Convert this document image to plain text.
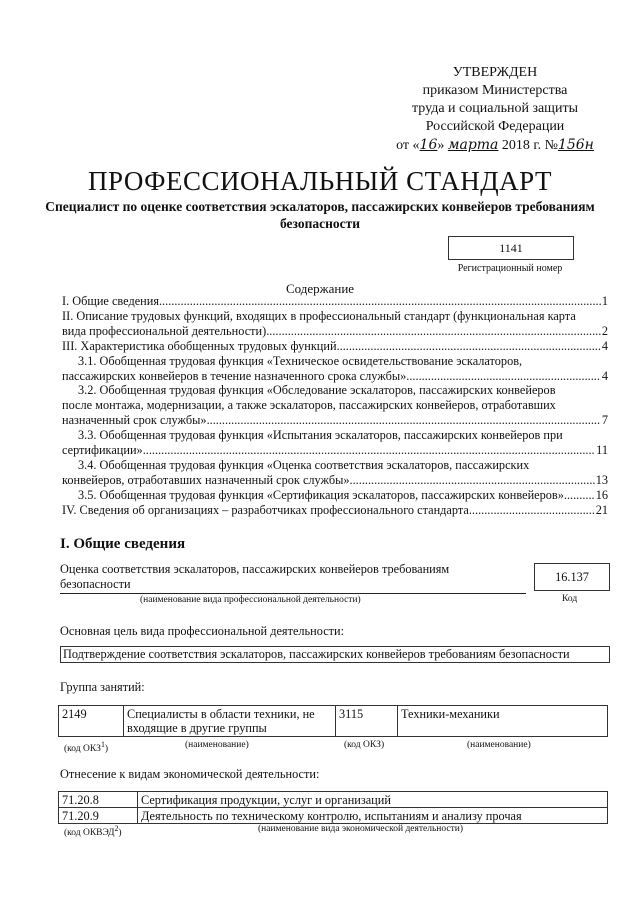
УТВЕРЖДЕН
приказом Министерства
труда и социальной защиты
Российской Федерации
от «16» марта 2018 г. №156н
ПРОФЕССИОНАЛЬНЫЙ СТАНДАРТ
Специалист по оценке соответствия эскалаторов, пассажирских конвейеров требованиям безопасности
1141
Регистрационный номер
Содержание
I. Общие сведения .....	1
II. Описание трудовых функций, входящих в профессиональный стандарт (функциональная карта
вида профессиональной деятельности) .....	2
III. Характеристика обобщенных трудовых функций .....	4
3.1. Обобщенная трудовая функция «Техническое освидетельствование эскалаторов,
пассажирских конвейеров в течение назначенного срока службы» .....	4
3.2. Обобщенная трудовая функция «Обследование эскалаторов, пассажирских конвейеров
после монтажа, модернизации, а также эскалаторов, пассажирских конвейеров, отработавших
назначенный срок службы» .....	7
3.3. Обобщенная трудовая функция «Испытания эскалаторов, пассажирских конвейеров при
сертификации» .....	11
3.4. Обобщенная трудовая функция «Оценка соответствия эскалаторов, пассажирских
конвейеров, отработавших назначенный срок службы» .....	13
3.5. Обобщенная трудовая функция «Сертификация эскалаторов, пассажирских конвейеров» .....	16
IV. Сведения об организациях – разработчиках профессионального стандарта .....	21
I. Общие сведения
Оценка соответствия эскалаторов, пассажирских конвейеров требованиям
безопасности
(наименование вида профессиональной деятельности)
16.137
Код
Основная цель вида профессиональной деятельности:
Подтверждение соответствия эскалаторов, пассажирских конвейеров требованиям безопасности
Группа занятий:
2149	Специалисты в области техники, не входящие в другие группы	3115	Техники-механики
(код ОКЗ$^1$)	(наименование)	(код ОКЗ)	(наименование)
Отнесение к видам экономической деятельности:
71.20.8	Сертификация продукции, услуг и организаций
71.20.9	Деятельность по техническому контролю, испытаниям и анализу прочая
(код ОКВЭД$^2$)	(наименование вида экономической деятельности)
